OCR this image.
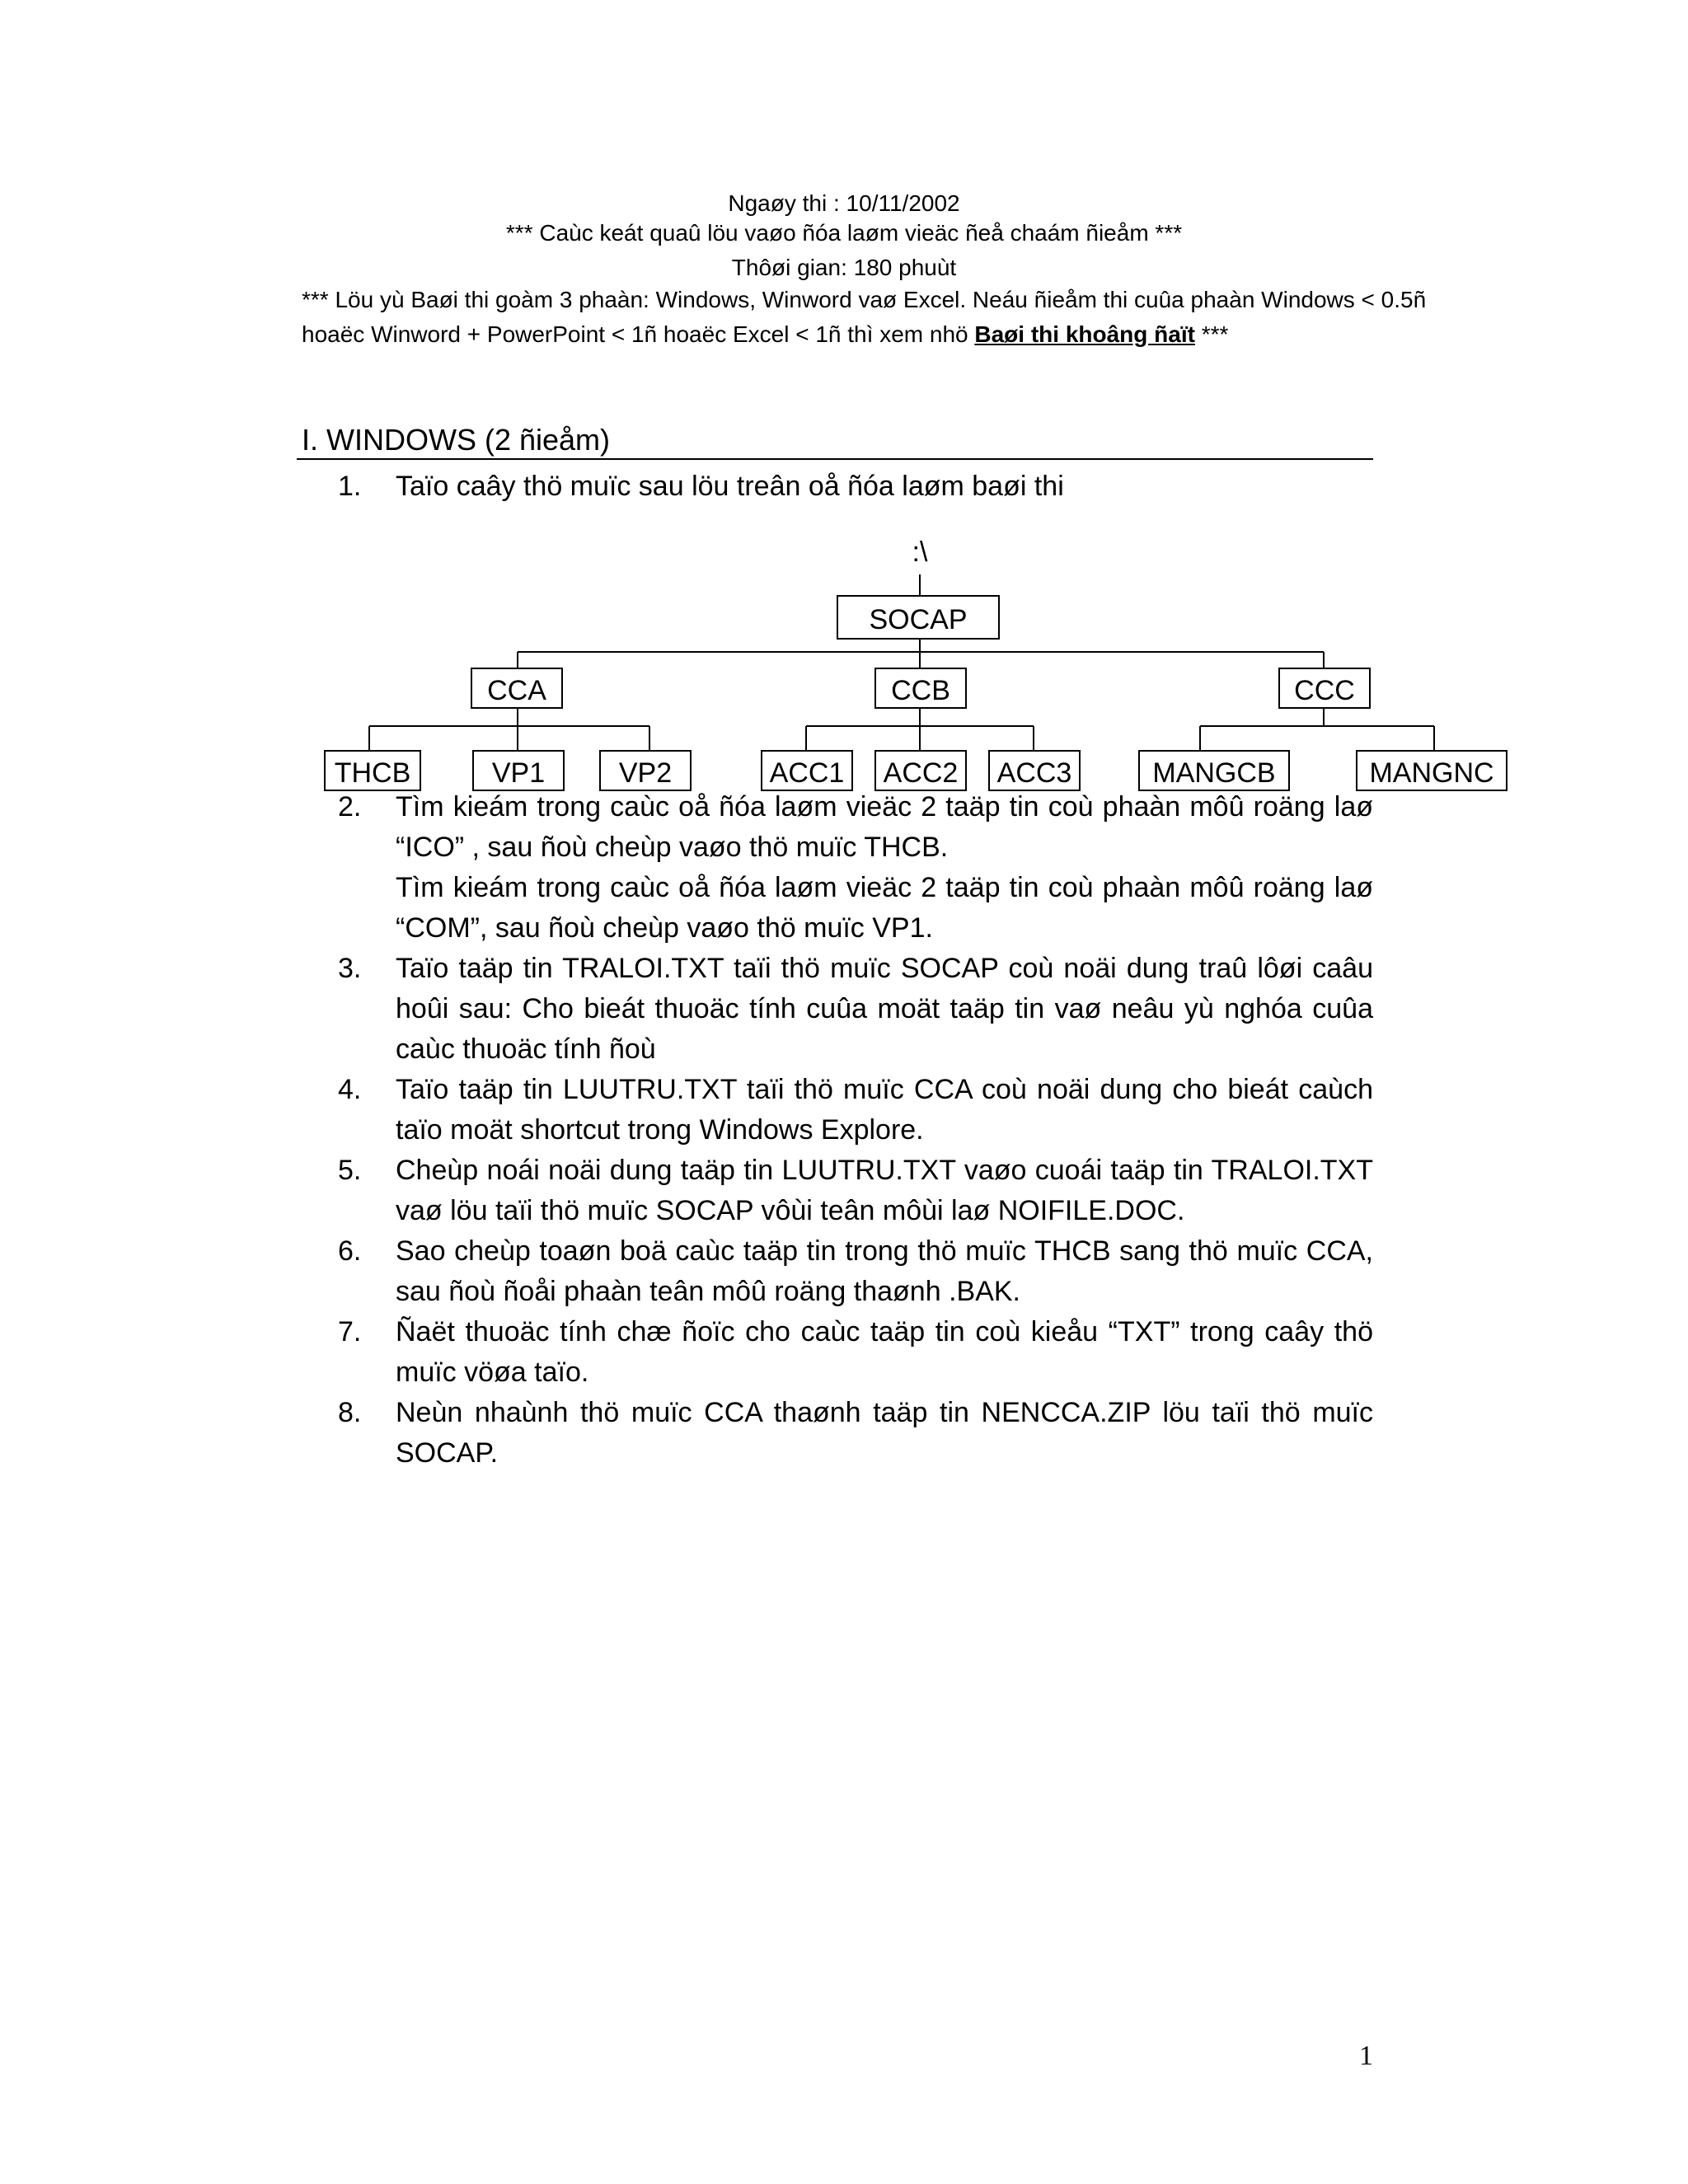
Ngaøy thi : 10/11/2002
*** Caùc keát quaû löu vaøo ñóa laøm vieäc ñeå chaám ñieåm ***
Thôøi gian: 180 phuùt
*** Löu yù Baøi thi goàm 3 phaàn: Windows, Winword vaø Excel. Neáu ñieåm thi cuûa phaàn Windows < 0.5ñ
hoaëc Winword + PowerPoint < 1ñ hoaëc Excel < 1ñ thì xem nhö Baøi thi khoâng ñaït ***
I. WINDOWS (2 ñieåm)
1. Taïo caây thö muïc sau löu treân oå ñóa laøm baøi thi
:\
SOCAP
CCA	CCB	CCC
THCB	VP1	VP2	ACC1 ACC2 ACC3	MANGCB	MANGNC
2. Tìm kieám trong caùc oå ñóa laøm vieäc 2 taäp tin coù phaàn môû roäng laø “ICO” , sau ñoù cheùp vaøo thö muïc THCB.
Tìm kieám trong caùc oå ñóa laøm vieäc 2 taäp tin coù phaàn môû roäng laø “COM”, sau ñoù cheùp vaøo thö muïc VP1.
3. Taïo taäp tin TRALOI.TXT taïi thö muïc SOCAP coù noäi dung traû lôøi caâu hoûi sau: Cho bieát thuoäc tính cuûa moät taäp tin vaø neâu yù nghóa cuûa caùc thuoäc tính ñoù
4. Taïo taäp tin LUUTRU.TXT taïi thö muïc CCA coù noäi dung cho bieát caùch taïo moät shortcut trong Windows Explore.
5. Cheùp noái noäi dung taäp tin LUUTRU.TXT vaøo cuoái taäp tin TRALOI.TXT vaø löu taïi thö muïc SOCAP vôùi teân môùi laø NOIFILE.DOC.
6. Sao cheùp toaøn boä caùc taäp tin trong thö muïc THCB sang thö muïc CCA, sau ñoù ñoåi phaàn teân môû roäng thaønh .BAK.
7. Ñaët thuoäc tính chæ ñoïc cho caùc taäp tin coù kieåu “TXT” trong caây thö muïc vöøa taïo.
8. Neùn nhaùnh thö muïc CCA thaønh taäp tin NENCCA.ZIP löu taïi thö muïc SOCAP.
1
